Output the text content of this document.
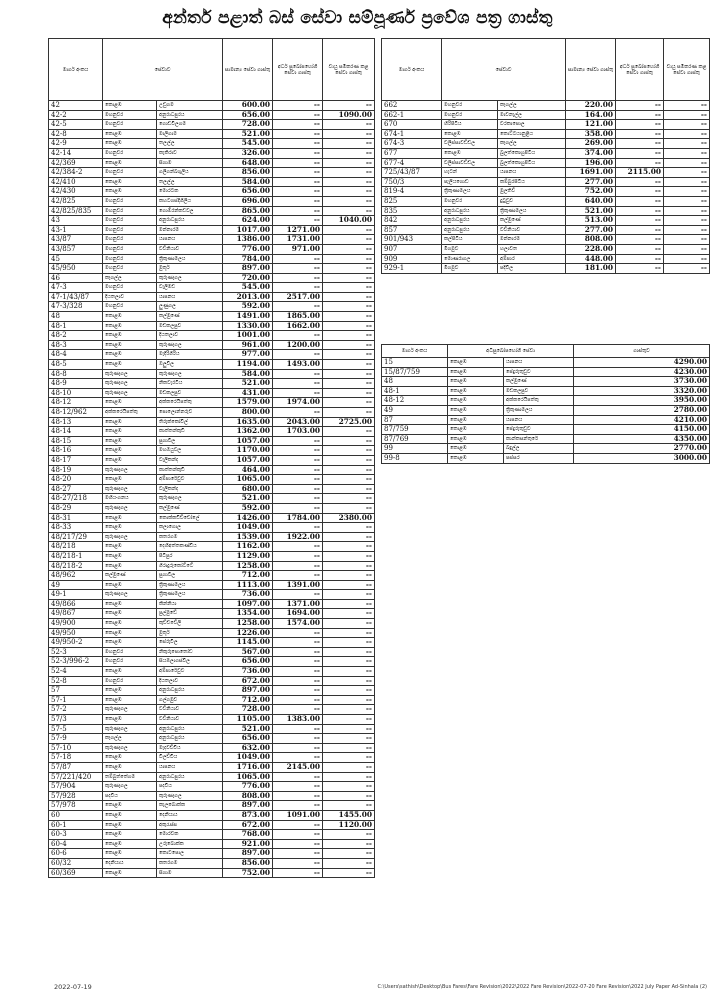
අන්තර් පළාත් බස් සේවා සම්පූර්ණ ප්‍රවේශ පත්‍ර ගාස්තු
මාර්ග අංකය	සේවාව		සාමාන්‍ය සේවා ගාස්තු	අර්ධ සුඛෝපභෝගී සේවා ගාස්තු	වායු සමීකරණ කළ සේවා ගාස්තු
42	කොළඹ	උඩුගම	600.00	--	--
42-2	මහනුවර	අනුරාධපුරය	656.00	--	1090.00
42-5	මහනුවර	ගොඩවිලගම	728.00	--	--
42-8	කොළඹ	මාලිගාම	521.00	--	--
42-9	කොළඹ	තලල්ල	545.00	--	--
42-14	මහනුවර	කැකිරාව	326.00	--	--
42/369	කොළඹ	සිගාම	648.00	--	--
42/384-2	මහනුවර	ගලිගන්ඛගුලිය	856.00	--	--
42/410	කොළඹ	තලල්ල	584.00	--	--
42/430	කොළඹ	මොරටක	656.00	--	--
42/825	මහනුවර	කහටගස්දිගිලිය	696.00	--	--
42/825/835	මහනුවර	ගොම්රන්කඩවල	865.00	--	--
43	මහනුවර	අනුරාධපුරය	624.00	--	1040.00
43-1	මහනුවර	මන්නාරම	1017.00	1271.00	--
43/87	මහනුවර	යාපනය	1386.00	1731.00	--
43/857	මහනුවර	වව්නියාව	776.00	971.00	--
45	මහනුවර	ත්‍රිකුණාමලය	784.00	--	--
45/950	මහනුවර	මුතූර්	897.00	--	--
46	කෑගල්ල	කුරුණෑගල	720.00	--	--
47-3	මහනුවර	වැලිමඩ	545.00	--	--
47-1/43/87	දියතලාව	යාපනය	2013.00	2517.00	--
47-3/328	මහනුවර	ලුණුගල	592.00	--	--
48	කොළඹ	කල්මුණේ	1491.00	1865.00	--
48-1	කොළඹ	මඩකලපුව	1330.00	1662.00	--
48-2	කොළඹ	දියතලාව	1001.00	--	--
48-3	කොළඹ	කුරුණෑගල	961.00	1200.00	--
48-4	කොළඹ	මැදිරිගිරිය	977.00	--	--
48-5	කොළඹ	ඔලුවිල	1194.00	1493.00	--
48-8	කුරුණෑගල	කුරුණෑගල	584.00	--	--
48-9	කුරුණෑගල	නිකවැරටිය	521.00	--	--
48-10	කුරුණෑගල	මඩකලපුව	431.00	--	--
48-12	කොළඹ	අක්කරෙයිපත්තු	1579.00	1974.00	--
48-12/962	අක්කරෙයිපත්තු	පොලොන්නරුව	800.00	--	--
48-13	කොළඹ	තිරුක්කෝවිල්	1635.00	2043.00	2725.00
48-14	කොළඹ	කාත්තන්කුඩි	1362.00	1703.00	--
48-15	කොළඹ	සුගාවිල	1057.00	--	--
48-16	කොළඹ	මහඔයුවල	1170.00	--	--
48-17	කොළඹ	වැලිකන්ද	1057.00	--	--
48-19	කුරුණෑගල	කාත්තන්කුඩි	464.00	--	--
48-20	කොළඹ	අම්පාරේවුව	1065.00	--	--
48-27	කුරුණෑගල	වැලිකන්ද	680.00	--	--
48-27/218	මහියංගනය	කුරුණෑගල	521.00	--	--
48-29	කුරුණෑගල	කල්මුණේ	592.00	--	--
48-31	කොළඹ	කොක්කඩිච්චෝලේ	1426.00	1784.00	2380.00
48-33	කොළඹ	කලාගොල	1049.00	--	--
48/217/29	කුරුණෑගල	කතරගම	1539.00	1922.00	--
48/218	කොළඹ	දෙහිඅත්තකණ්ඩිය	1162.00	--	--
48/218-1	කොළඹ	පිටිපුර	1129.00	--	--
48/218-2	කොළඹ	ගිරාදුරුකෝට්ටේ	1258.00	--	--
48/962	කල්මුණේ	සුගාවිල	712.00	--	--
49	කොළඹ	ත්‍රිකුණාමලය	1113.00	1391.00	--
49-1	කුරුණෑගල	ත්‍රිකුණාමලය	736.00	--	--
49/866	කොළඹ	කින්නියා	1097.00	1371.00	--
49/867	කොළඹ	පුල්මුඩේ	1354.00	1694.00	--
49/900	කොළඹ	කුච්චවේලි	1258.00	1574.00	--
49/950	කොළඹ	මුතූර්	1226.00	--	--
49/950-2	කොළඹ	සේරුවිල	1145.00	--	--
52-3	මහනුවර	නිකුරුපොතෝඩ	567.00	--	--
52-3/996-2	මහනුවර	සියඹලාගස්විල	656.00	--	--
52-4	කොළඹ	අම්පාරේවුව	736.00	--	--
52-8	මහනුවර	දියතලාව	672.00	--	--
57	කොළඹ	අනුරාධපුරය	897.00	--	--
57-1	කොළඹ	ගල්ගමුව	712.00	--	--
57-2	කුරුණෑගල	වව්නියාව	728.00	--	--
57/3	කොළඹ	වව්නියාව	1105.00	1383.00	--
57-5	කුරුණෑගල	අනුරාධපුරය	521.00	--	--
57-9	කෑගල්ල	අනුරාධපුරය	656.00	--	--
57-10	කුරුණෑගල	මැදවච්චිය	632.00	--	--
57-18	කොළඹ	විලච්චිය	1049.00	--	--
57/87	කොළඹ	යාපනය	1716.00	2145.00	--
57/221/420	තම්බුත්තේගම	අනුරාධපුරය	1065.00	--	--
57/904	කුරුණෑගල	පදවිය	776.00	--	--
57/928	පදවිය	කුරුණෑගල	808.00	--	--
57/978	කොළඹ	කැලබොක්ක	897.00	--	--
60	කොළඹ	දෙනියාය	873.00	1091.00	1455.00
60-1	කොළඹ	අකුරැස්ස	672.00	--	1120.00
60-3	කොළඹ	මොරවක	768.00	--	--
60-4	කොළඹ	උරුබොක්ක	921.00	--	--
60-6	කොළඹ	කොටපොල	897.00	--	--
60/32	දෙනියාය	කතරගම	856.00	--	--
60/369	කොළඹ	සිගාම	752.00	--	--
මාර්ග අංකය	සේවාව		සාමාන්‍ය සේවා ගාස්තු	අර්ධ සුඛෝපභෝගී සේවා ගාස්තු	වායු සමීකරණ කළ සේවා ගාස්තු
662	මහනුවර	කෑගල්ල	220.00	--	--
662-1	මහනුවර	මාවනැල්ල	164.00	--	--
670	හිරිපිටිය	වරකාපොල	121.00	--	--
674-1	කොළඹ	කොට්ටයානුළිය	358.00	--	--
674-3	වලිස්සාවඩ්ඩල	කෑගල්ල	269.00	--	--
677	කොළඹ	බුලත්කොහුපිටිය	374.00	--	--
677-4	වලිස්සාවඩ්ඩල	බුලත්කොහුපිටිය	196.00	--	--
725/43/87	හැටන්	යාපනය	1691.00	2115.00	--
750/3	පැලියගොඩ	කම්බුරපිටිය	277.00	--	--
819-4	ත්‍රිකුණාමලය	මුලතිව්	752.00	--	--
825	මහනුවර	දුටුවුව	640.00	--	--
835	අනුරාධපුරය	ත්‍රිකුණාමලය	521.00	--	--
842	අනුරාධපුරය	කල්මුණේ	513.00	--	--
857	අනුරාධපුරය	වව්නියාව	277.00	--	--
901/943	කල්පිටිය	මන්නාරම	808.00	--	--
907	මීගමුව	හලාවත	228.00	--	--
909	මොණරාගල	අම්පාර	448.00	--	--
929-1	මීගමුව	පදිවිල	181.00	--	--
මාර්ග අංකය	අධිසුඛෝපභෝගී සේවා		ගාස්තුව
15	කොළඹ	යාපනය	4290.00
15/87/759	කොළඹ	පේදුරුතුඩුව	4230.00
48	කොළඹ	කල්මුණේ	3730.00
48-1	කොළඹ	මඩකලපුව	3320.00
48-12	කොළඹ	අක්කරෙයිපත්තු	3950.00
49	කොළඹ	ත්‍රිකුණාමලය	2780.00
87	කොළඹ	යාපනය	4210.00
87/759	කොළඹ	පේදුරුතුඩුව	4150.00
87/769	කොළඹ	කාන්කසන්තුරේ	4350.00
99	කොළඹ	බදුල්ල	2770.00
99-8	කොළඹ	පස්සර	3000.00
2022-07-19	C:\Users\sathish\Desktop\Bus Fares\Fare Revision\2022\2022 Fare Revision\2022-07-20 Fare Revision\2022 July Paper Ad-Sinhala (2)
